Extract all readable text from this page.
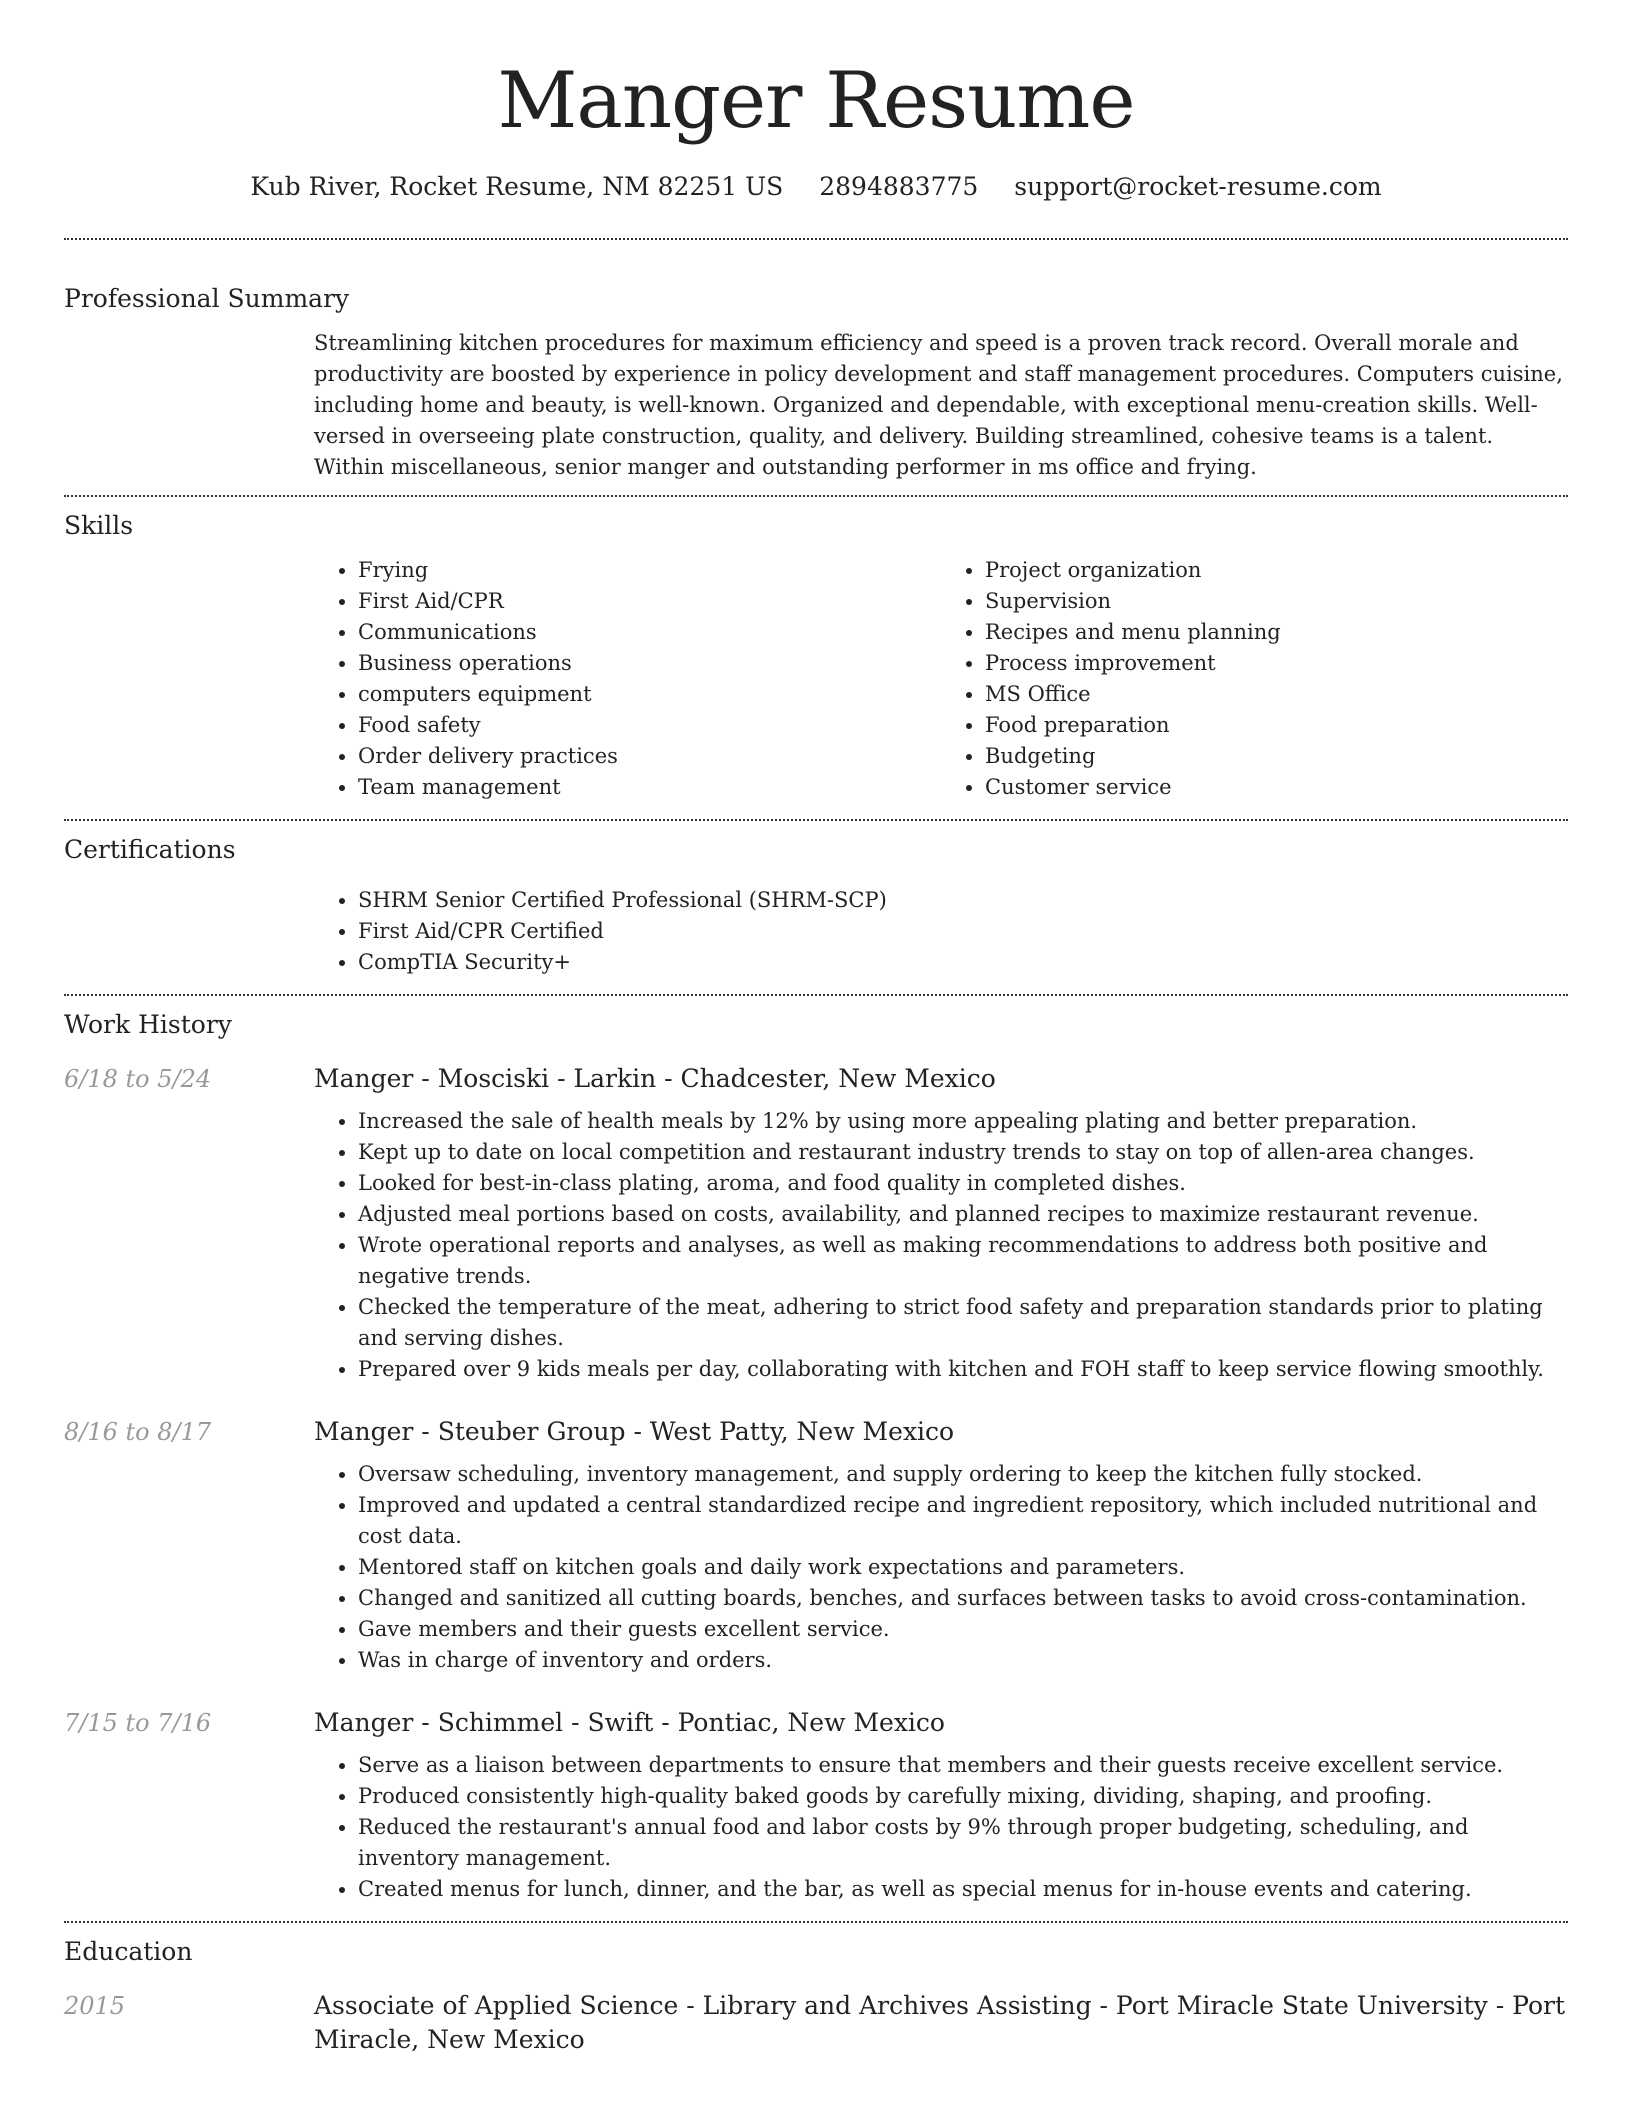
Manger Resume
Kub River, Rocket Resume, NM 82251 US 2894883775 support@rocket-resume.com
Professional Summary

Streamlining kitchen procedures for maximum efficiency and speed is a proven track record. Overall morale and productivity are boosted by experience in policy development and staff management procedures. Computers cuisine, including home and beauty, is well-known. Organized and dependable, with exceptional menu-creation skills. Well-versed in overseeing plate construction, quality, and delivery. Building streamlined, cohesive teams is a talent. Within miscellaneous, senior manger and outstanding performer in ms office and frying.

Skills
• Frying
• First Aid/CPR
• Communications
• Business operations
• computers equipment
• Food safety
• Order delivery practices
• Team management
• Project organization
• Supervision
• Recipes and menu planning
• Process improvement
• MS Office
• Food preparation
• Budgeting
• Customer service
Certifications
• SHRM Senior Certified Professional (SHRM-SCP)
• First Aid/CPR Certified
• CompTIA Security+
Work History
6/18 to 5/24	Manger - Mosciski - Larkin - Chadcester, New Mexico
• Increased the sale of health meals by 12% by using more appealing plating and better preparation.
• Kept up to date on local competition and restaurant industry trends to stay on top of allen-area changes.
• Looked for best-in-class plating, aroma, and food quality in completed dishes.
• Adjusted meal portions based on costs, availability, and planned recipes to maximize restaurant revenue.
• Wrote operational reports and analyses, as well as making recommendations to address both positive and negative trends.
• Checked the temperature of the meat, adhering to strict food safety and preparation standards prior to plating and serving dishes.
• Prepared over 9 kids meals per day, collaborating with kitchen and FOH staff to keep service flowing smoothly.
8/16 to 8/17	Manger - Steuber Group - West Patty, New Mexico
• Oversaw scheduling, inventory management, and supply ordering to keep the kitchen fully stocked.
• Improved and updated a central standardized recipe and ingredient repository, which included nutritional and cost data.
• Mentored staff on kitchen goals and daily work expectations and parameters.
• Changed and sanitized all cutting boards, benches, and surfaces between tasks to avoid cross-contamination.
• Gave members and their guests excellent service.
• Was in charge of inventory and orders.
7/15 to 7/16	Manger - Schimmel - Swift - Pontiac, New Mexico
• Serve as a liaison between departments to ensure that members and their guests receive excellent service.
• Produced consistently high-quality baked goods by carefully mixing, dividing, shaping, and proofing.
• Reduced the restaurant's annual food and labor costs by 9% through proper budgeting, scheduling, and inventory management.
• Created menus for lunch, dinner, and the bar, as well as special menus for in-house events and catering.
Education
2015	Associate of Applied Science - Library and Archives Assisting - Port Miracle State University - Port Miracle, New Mexico
